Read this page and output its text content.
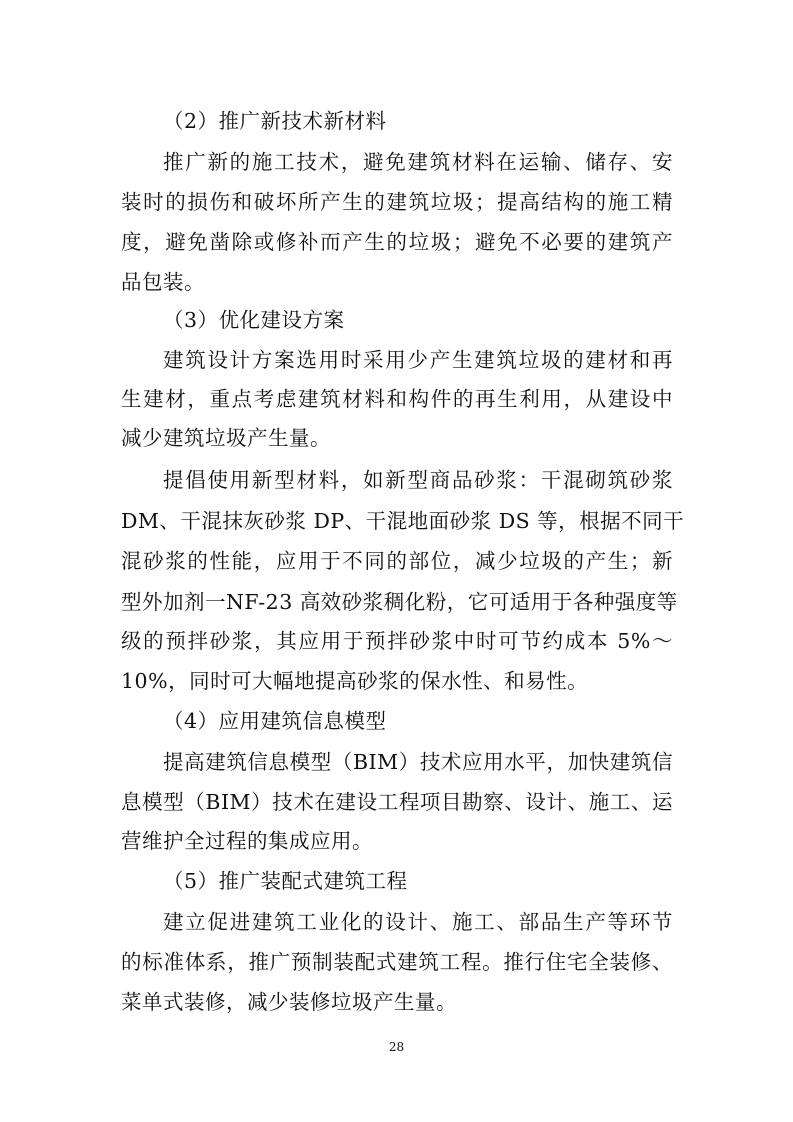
（2）推广新技术新材料
推广新的施工技术，避免建筑材料在运输、储存、安
装时的损伤和破坏所产生的建筑垃圾；提高结构的施工精
度，避免凿除或修补而产生的垃圾；避免不必要的建筑产
品包装。
（3）优化建设方案
建筑设计方案选用时采用少产生建筑垃圾的建材和再
生建材，重点考虑建筑材料和构件的再生利用，从建设中
减少建筑垃圾产生量。
提倡使用新型材料，如新型商品砂浆：干混砌筑砂浆
DM、干混抹灰砂浆 DP、干混地面砂浆 DS 等，根据不同干
混砂浆的性能，应用于不同的部位，减少垃圾的产生；新
型外加剂一NF-23 高效砂浆稠化粉，它可适用于各种强度等
级的预拌砂浆，其应用于预拌砂浆中时可节约成本 5%～
10%，同时可大幅地提高砂浆的保水性、和易性。
（4）应用建筑信息模型
提高建筑信息模型（BIM）技术应用水平，加快建筑信
息模型（BIM）技术在建设工程项目勘察、设计、施工、运
营维护全过程的集成应用。
（5）推广装配式建筑工程
建立促进建筑工业化的设计、施工、部品生产等环节
的标准体系，推广预制装配式建筑工程。推行住宅全装修、
菜单式装修，减少装修垃圾产生量。
28
